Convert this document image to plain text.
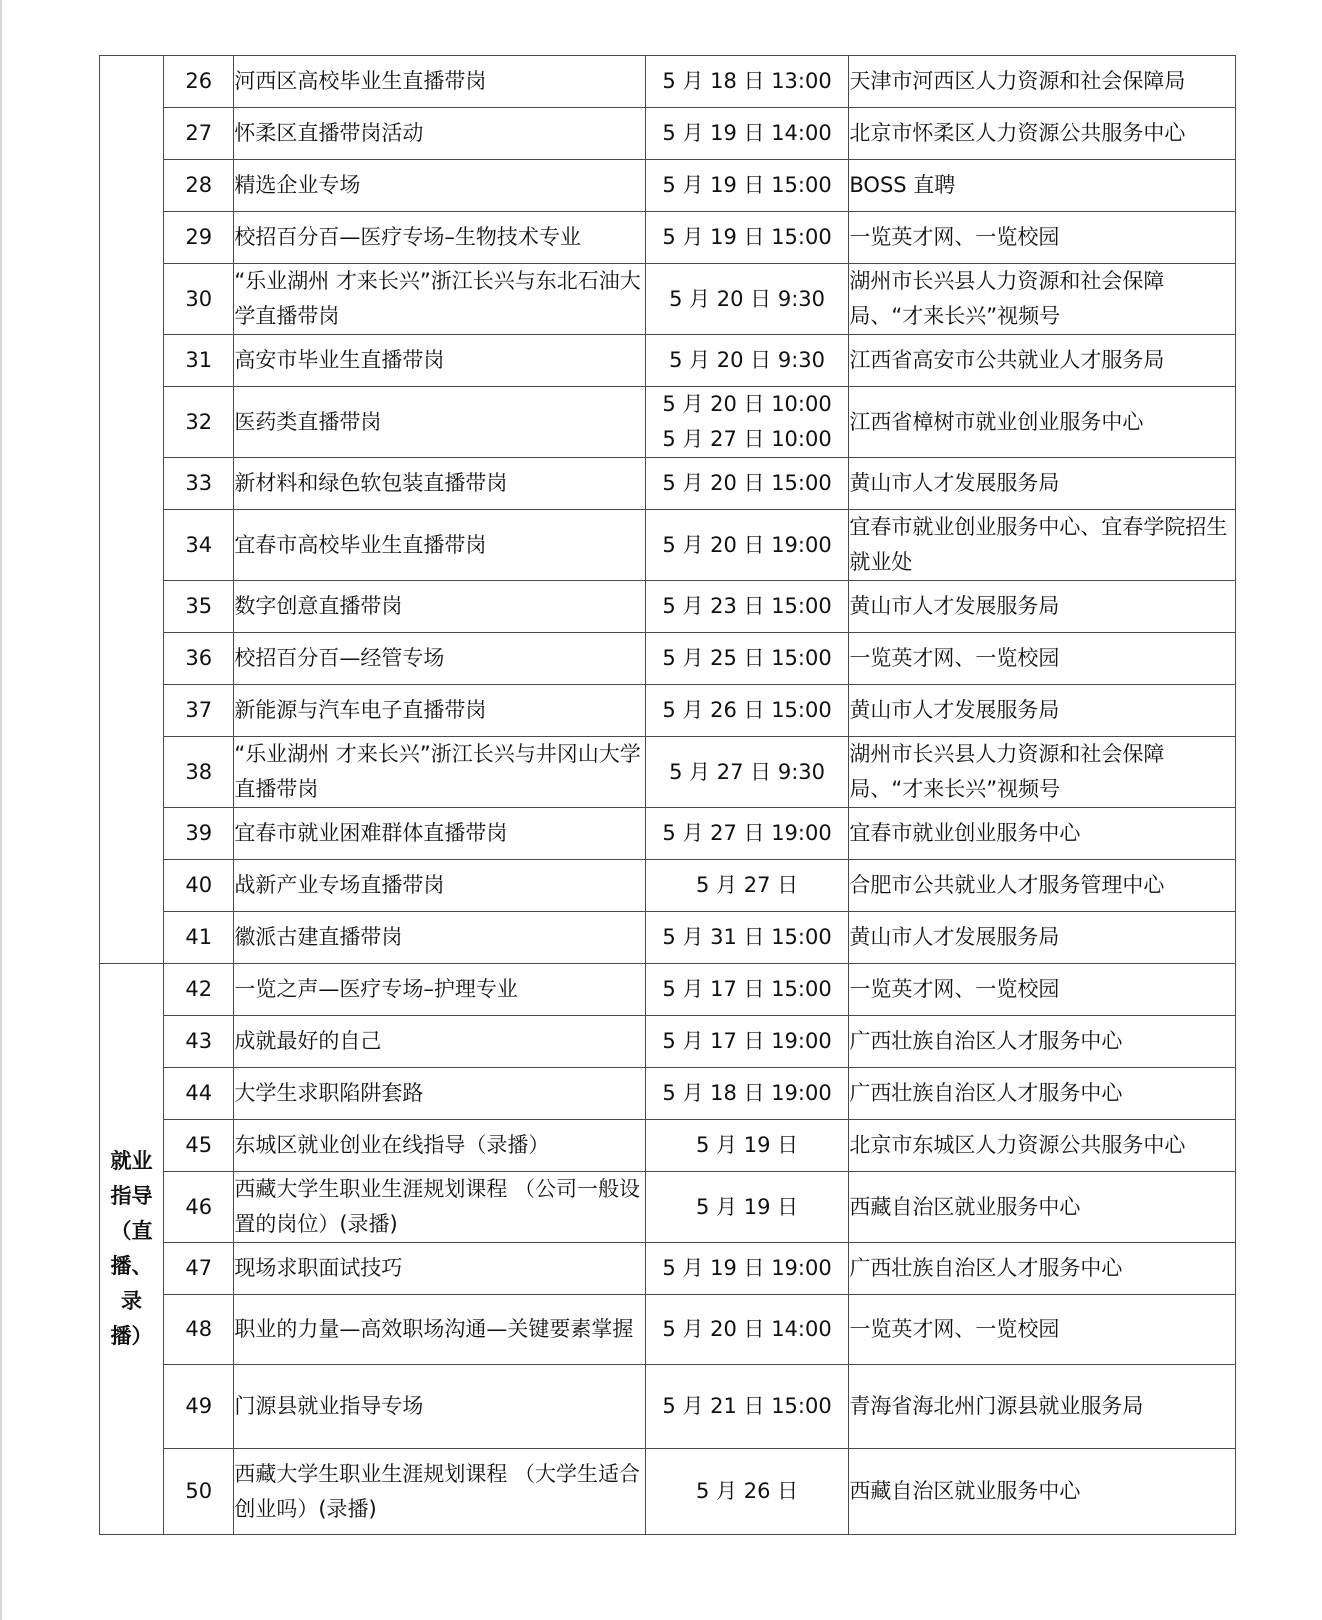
	26	河西区高校毕业生直播带岗	5 月 18 日 13:00	天津市河西区人力资源和社会保障局
	27	怀柔区直播带岗活动	5 月 19 日 14:00	北京市怀柔区人力资源公共服务中心
	28	精选企业专场	5 月 19 日 15:00	BOSS 直聘
	29	校招百分百—医疗专场–生物技术专业	5 月 19 日 15:00	一览英才网、一览校园
	30	“乐业湖州 才来长兴”浙江长兴与东北石油大学直播带岗	5 月 20 日 9:30	湖州市长兴县人力资源和社会保障局、“才来长兴”视频号
	31	高安市毕业生直播带岗	5 月 20 日 9:30	江西省高安市公共就业人才服务局
	32	医药类直播带岗	5 月 20 日 10:00
5 月 27 日 10:00	江西省樟树市就业创业服务中心
	33	新材料和绿色软包装直播带岗	5 月 20 日 15:00	黄山市人才发展服务局
	34	宜春市高校毕业生直播带岗	5 月 20 日 19:00	宜春市就业创业服务中心、宜春学院招生就业处
	35	数字创意直播带岗	5 月 23 日 15:00	黄山市人才发展服务局
	36	校招百分百—经管专场	5 月 25 日 15:00	一览英才网、一览校园
	37	新能源与汽车电子直播带岗	5 月 26 日 15:00	黄山市人才发展服务局
	38	“乐业湖州 才来长兴”浙江长兴与井冈山大学直播带岗	5 月 27 日 9:30	湖州市长兴县人力资源和社会保障局、“才来长兴”视频号
	39	宜春市就业困难群体直播带岗	5 月 27 日 19:00	宜春市就业创业服务中心
	40	战新产业专场直播带岗	5 月 27 日	合肥市公共就业人才服务管理中心
	41	徽派古建直播带岗	5 月 31 日 15:00	黄山市人才发展服务局
就业指导（直播、录播）	42	一览之声—医疗专场–护理专业	5 月 17 日 15:00	一览英才网、一览校园
	43	成就最好的自己	5 月 17 日 19:00	广西壮族自治区人才服务中心
	44	大学生求职陷阱套路	5 月 18 日 19:00	广西壮族自治区人才服务中心
	45	东城区就业创业在线指导（录播）	5 月 19 日	北京市东城区人力资源公共服务中心
	46	西藏大学生职业生涯规划课程 （公司一般设置的岗位）(录播)	5 月 19 日	西藏自治区就业服务中心
	47	现场求职面试技巧	5 月 19 日 19:00	广西壮族自治区人才服务中心
	48	职业的力量—高效职场沟通—关键要素掌握	5 月 20 日 14:00	一览英才网、一览校园
	49	门源县就业指导专场	5 月 21 日 15:00	青海省海北州门源县就业服务局
	50	西藏大学生职业生涯规划课程 （大学生适合创业吗）(录播)	5 月 26 日	西藏自治区就业服务中心
